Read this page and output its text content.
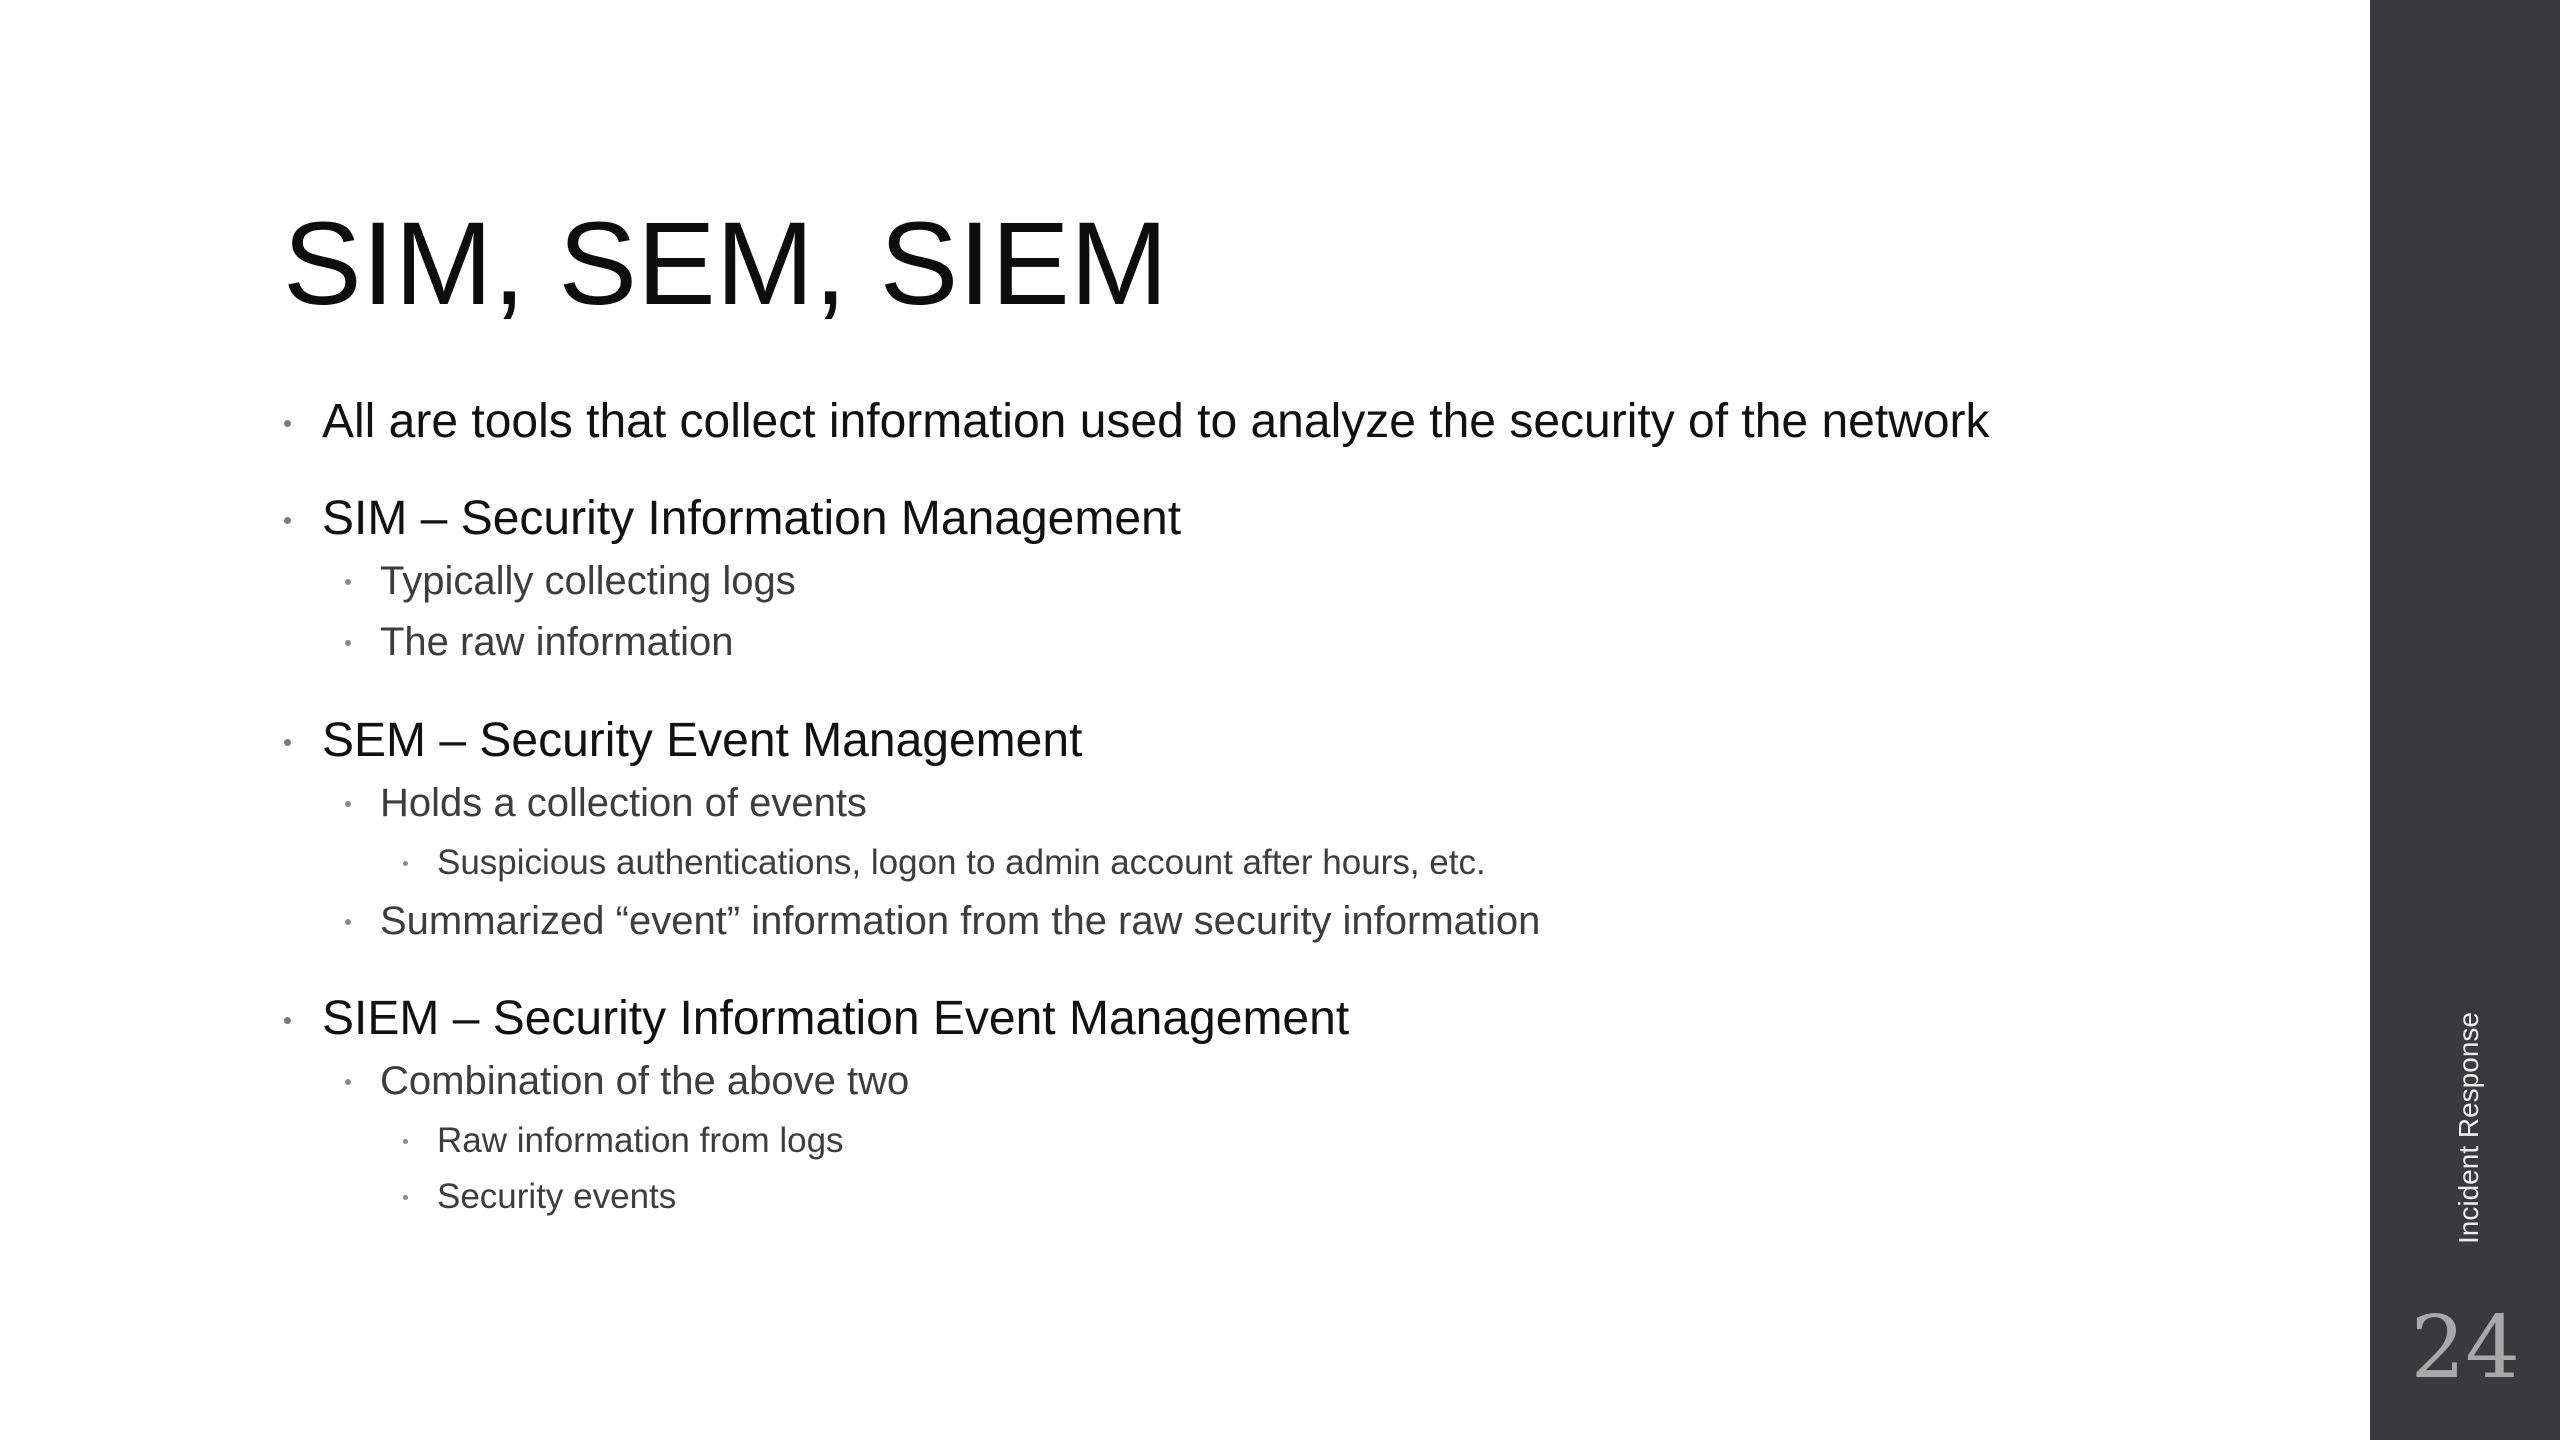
SIM, SEM, SIEM
All are tools that collect information used to analyze the security of the network
SIM – Security Information Management
Typically collecting logs
The raw information
SEM – Security Event Management
Holds a collection of events
Suspicious authentications, logon to admin account after hours, etc.
Summarized “event” information from the raw security information
SIEM – Security Information Event Management
Combination of the above two
Raw information from logs
Security events	Incident Response
24
